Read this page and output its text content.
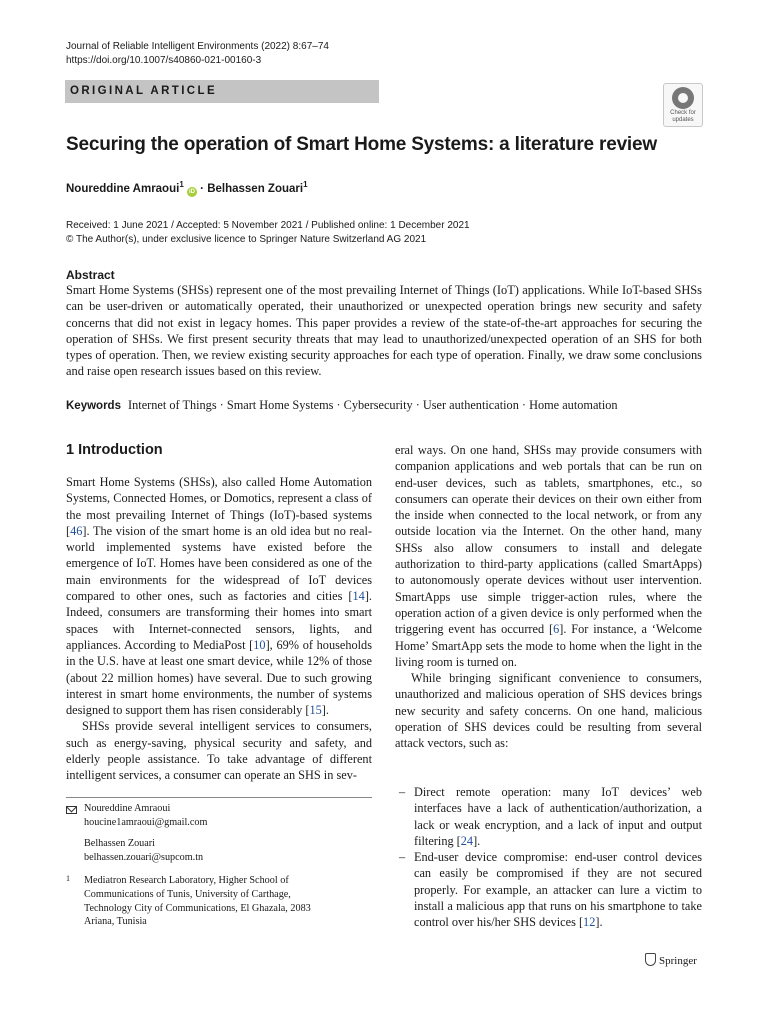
Journal of Reliable Intelligent Environments (2022) 8:67–74
https://doi.org/10.1007/s40860-021-00160-3
ORIGINAL ARTICLE
Check for
updates
Securing the operation of Smart Home Systems: a literature review
Noureddine Amraoui$^1$ iD · Belhassen Zouari$^1$
Received: 1 June 2021 / Accepted: 5 November 2021 / Published online: 1 December 2021
© The Author(s), under exclusive licence to Springer Nature Switzerland AG 2021
Abstract
Smart Home Systems (SHSs) represent one of the most prevailing Internet of Things (IoT) applications. While IoT-based SHSs can be user-driven or automatically operated, their unauthorized or unexpected operation brings new security and safety concerns that did not exist in legacy homes. This paper provides a review of the state-of-the-art approaches for securing the operation of SHSs. We first present security threats that may lead to unauthorized/unexpected operation of an SHS for both types of operation. Then, we review existing security approaches for each type of operation. Finally, we draw some conclusions and raise open research issues based on this review.
Keywords Internet of Things · Smart Home Systems · Cybersecurity · User authentication · Home automation
1 Introduction

Smart Home Systems (SHSs), also called Home Automation Systems, Connected Homes, or Domotics, represent a class of the most prevailing Internet of Things (IoT)-based systems [46]. The vision of the smart home is an old idea but no real-world implemented systems have existed before the emergence of IoT. Homes have been considered as one of the main environments for the widespread of IoT devices compared to other ones, such as factories and cities [14]. Indeed, consumers are transforming their homes into smart spaces with Internet-connected sensors, lights, and appliances. According to MediaPost [10], 69% of households in the U.S. have at least one smart device, while 12% of those (about 22 million homes) have several. Due to such growing interest in smart home environments, the number of systems designed to support them has risen considerably [15].

SHSs provide several intelligent services to consumers, such as energy-saving, physical security and safety, and elderly people assistance. To take advantage of different intelligent services, a consumer can operate an SHS in sev-

eral ways. On one hand, SHSs may provide consumers with companion applications and web portals that can be run on end-user devices, such as tablets, smartphones, etc., so consumers can operate their devices on their own either from the inside when connected to the local network, or from any outside location via the Internet. On the other hand, many SHSs also allow consumers to install and delegate authorization to third-party applications (called SmartApps) to autonomously operate devices without user intervention. SmartApps use simple trigger-action rules, where the operation action of a given device is only performed when the triggering event has occurred [6]. For instance, a ‘Welcome Home’ SmartApp sets the mode to home when the light in the living room is turned on.

While bringing significant convenience to consumers, unauthorized and malicious operation of SHS devices brings new security and safety concerns. On one hand, malicious operation of SHS devices could be resulting from several attack vectors, such as:

– Direct remote operation: many IoT devices’ web interfaces have a lack of authentication/authorization, a lack or weak encryption, and a lack of input and output filtering [24].
– End-user device compromise: end-user control devices can easily be compromised if they are not secured properly. For example, an attacker can lure a victim to install a malicious app that runs on his smartphone to take control over his/her SHS devices [12].
Noureddine Amraoui
houcine1amraoui@gmail.com
Belhassen Zouari
belhassen.zouari@supcom.tn
1 Mediatron Research Laboratory, Higher School of
Communications of Tunis, University of Carthage,
Technology City of Communications, El Ghazala, 2083
Ariana, Tunisia
Springer
